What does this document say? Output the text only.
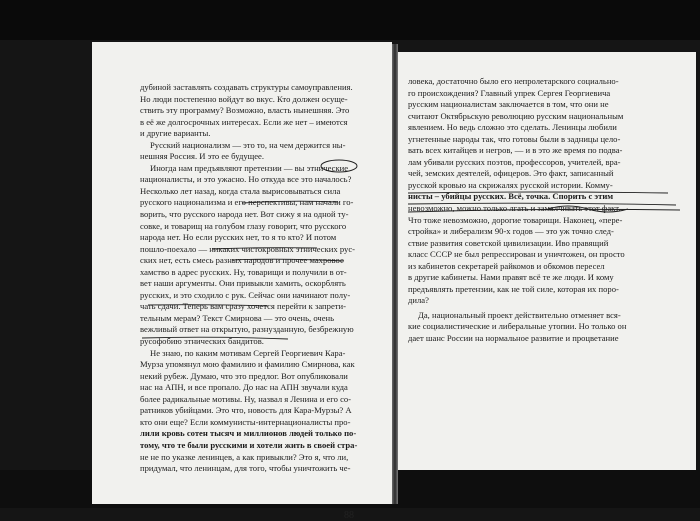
дубиной заставлять создавать структуры самоуправления.
Но люди постепенно войдут во вкус. Кто должен осуще-
ствить эту программу? Возможно, власть нынешняя. Это
в её же долгосрочных интересах. Если же нет – имеются
и другие варианты.

Русский национализм — это то, на чем держится ны-
нешняя Россия. И это ее будущее.

Иногда нам предъявляют претензии — вы этнические
националисты, и это ужасно. Но откуда все это началось?
Несколько лет назад, когда стала вырисовываться сила
русского национализма и его перспективы, нам начали го-
ворить, что русского народа нет. Вот сижу я на одной ту-
совке, и товарищ на голубом глазу говорит, что русского
народа нет. Но если русских нет, то я то кто? И потом
пошло-поехало — никаких чистокровных этнических рус-
ских нет, есть смесь разных народов и прочее махровое
хамство в адрес русских. Ну, товарищи и получили в от-
вет наши аргументы. Они привыкли хамить, оскорблять
русских, и это сходило с рук. Сейчас они начинают полу-
чать сдачи. Теперь вам сразу хочется перейти к запрети-
тельным мерам? Текст Смирнова — это очень, очень
вежливый ответ на открытую, разнузданную, безбрежную
русофобию этнических бандитов.

Не знаю, по каким мотивам Сергей Георгиевич Кара-
Мурза упомянул мою фамилию и фамилию Смирнова, как
некий рубеж. Думаю, что это предлог. Вот опубликовали
нас на АПН, и все пропало. До нас на АПН звучали куда
более радикальные мотивы. Ну, назвал я Ленина и его со-
ратников убийцами. Это что, новость для Кара-Мурзы? А
кто они еще? Если коммунисты-интернационалисты про-
лили кровь сотен тысяч и миллионов людей только по-
тому, что те были русскими и хотели жить в своей стра-
не не по указке ленинцев, а как привыкли? Это я, что ли,
придумал, что ленинцам, для того, чтобы уничтожить че-

88

ловека, достаточно было его непролетарского социально-
го происхождения? Главный упрек Сергея Георгиевича
русским националистам заключается в том, что они не
считают Октябрьскую революцию русским национальным
явлением. Но ведь сложно это сделать. Ленинцы любили
угнетенные народы так, что готовы были в задницы цело-
вать всех китайцев и негров, — и в это же время по подва-
лам убивали русских поэтов, профессоров, учителей, вра-
чей, земских деятелей, офицеров. Это факт, записанный
русской кровью на скрижалях русской истории. Комму-
нисты – убийцы русских. Всё, точка. Спорить с этим
невозможно, можно только лгать и замалчивать этот факт.
Что тоже невозможно, дорогие товарищи. Наконец, «пере-
стройка» и либерализм 90-х годов — это уж точно след-
ствие развития советской цивилизации. Иво правящий
класс СССР не был репрессирован и уничтожен, он просто
из кабинетов секретарей райкомов и обкомов пересел
в другие кабинеты. Нами правят всё те же люди. И кому
предъявлять претензии, как не той силе, которая их поро-
дила?

Да, национальный проект действительно отменяет вся-
кие социалистические и либеральные утопии. Но только он
дает шанс России на нормальное развитие и процветание
